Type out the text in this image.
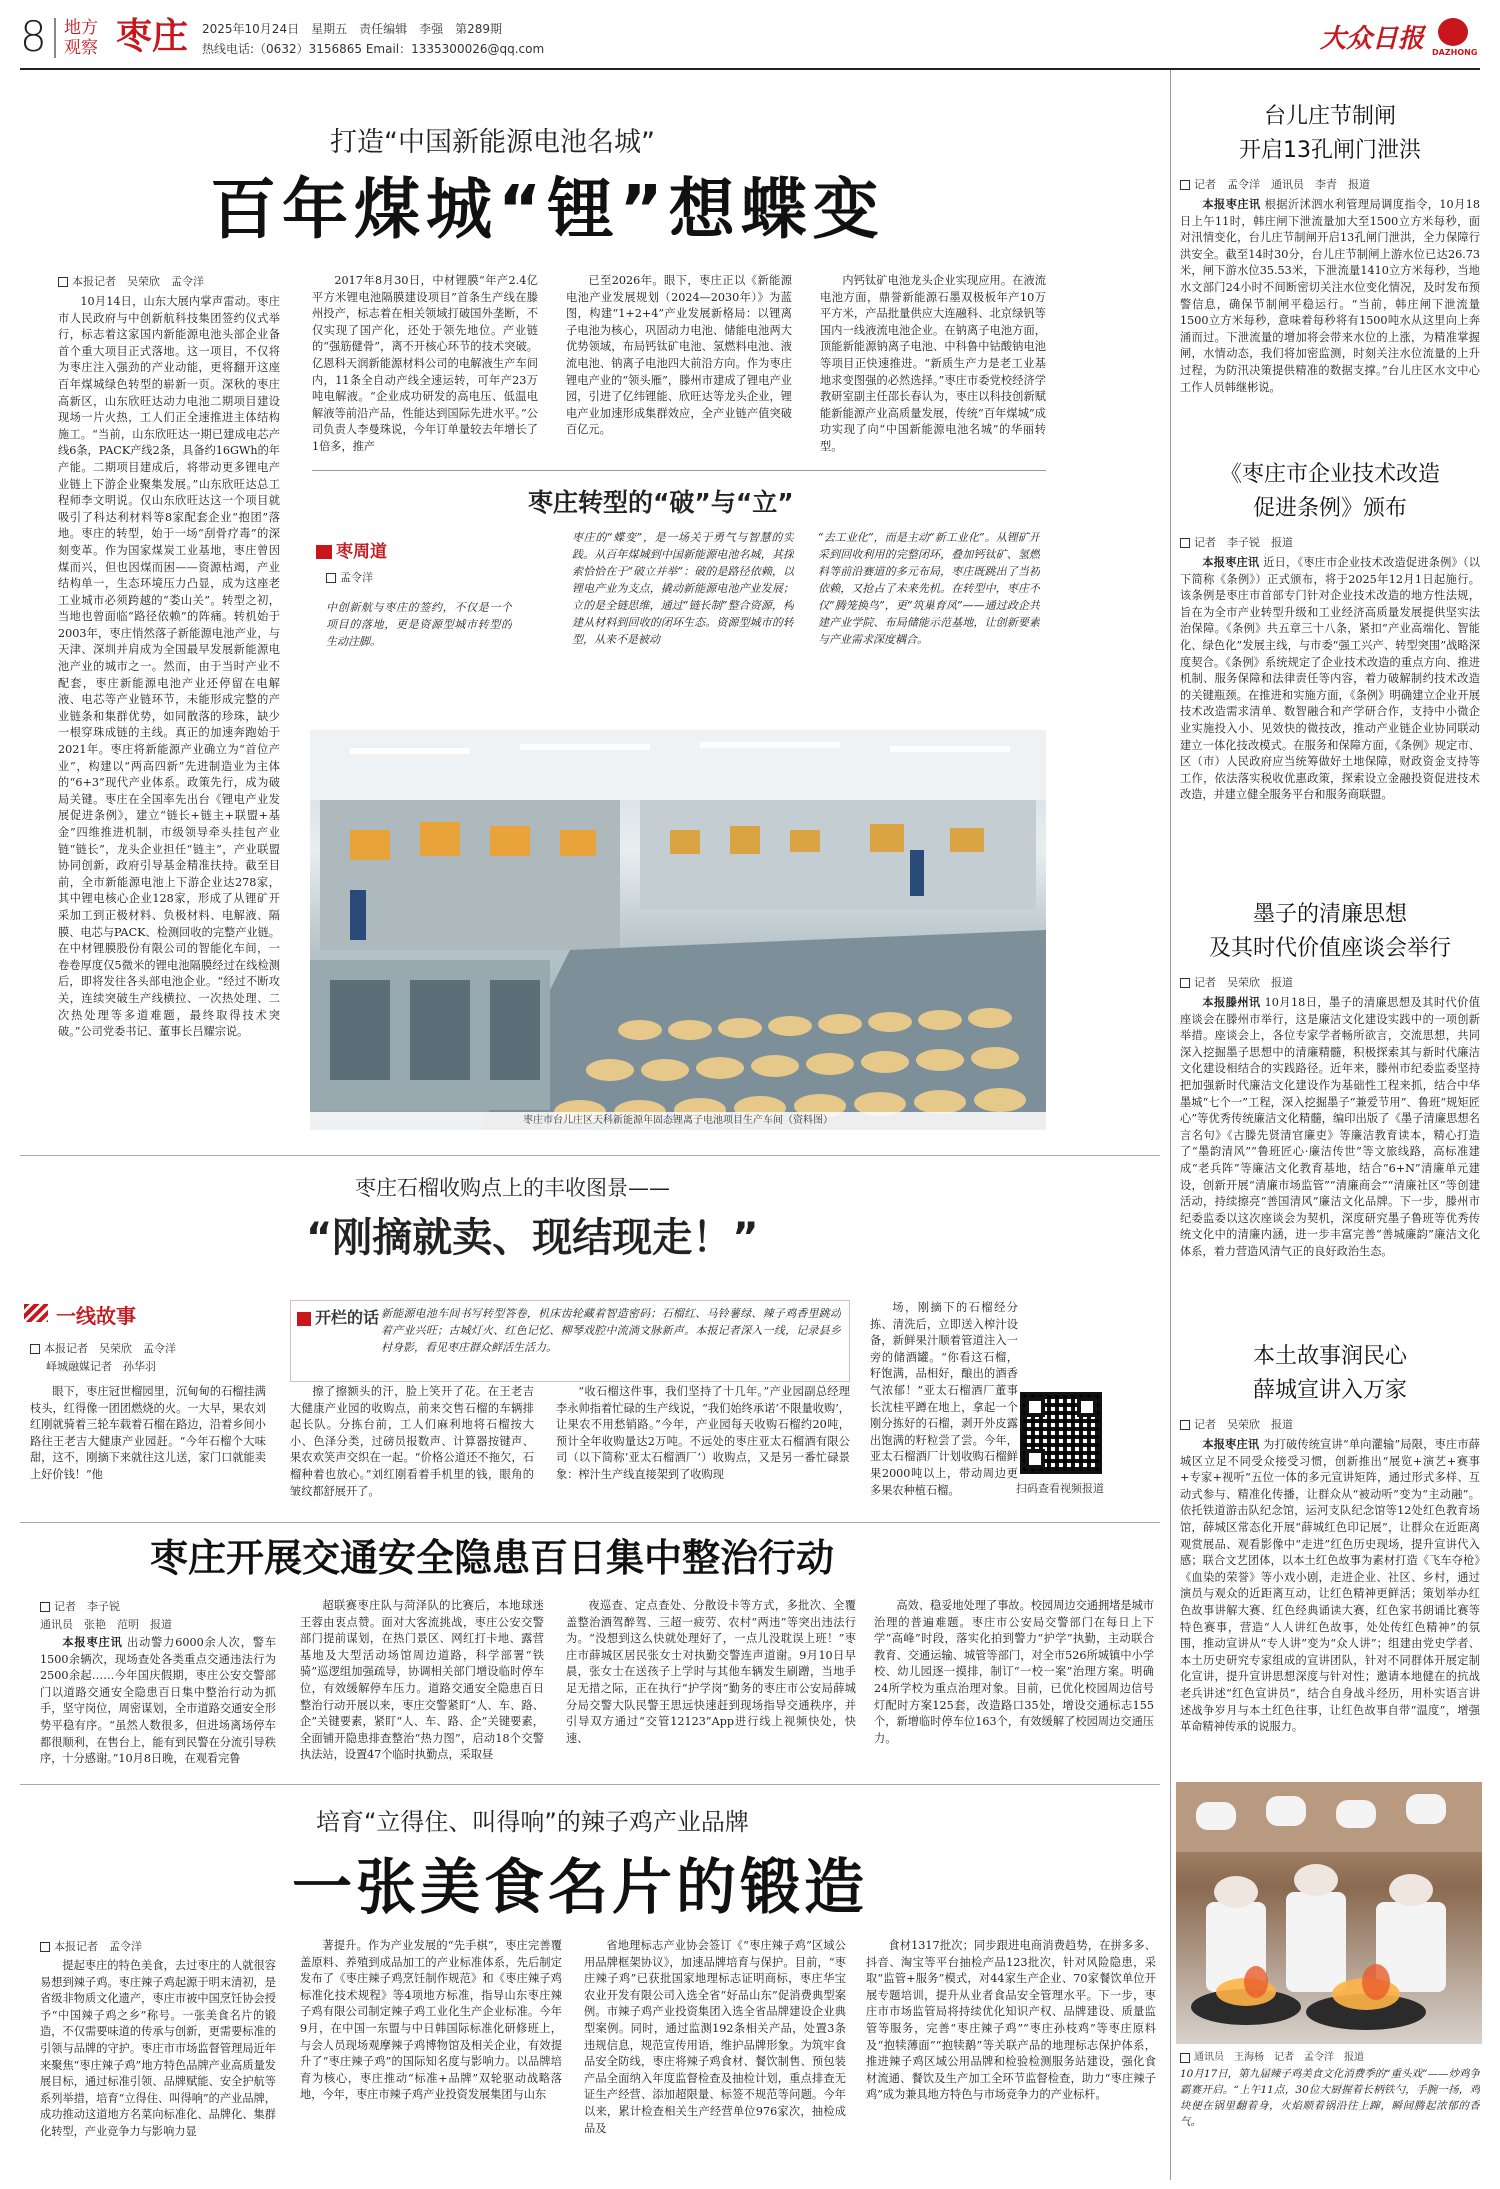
8 地方
观察 枣庄 2025年10月24日　星期五　责任编辑　李强　第289期
热线电话:（0632）3156865 Email：1335300026@qq.com	大众日报 DAZHONG
打造“中国新能源电池名城”
百年煤城“锂”想蝶变
本报记者　吴荣欣　孟令洋

10月14日，山东大展内掌声雷动。枣庄市人民政府与中创新航科技集团签约仪式举行，标志着这家国内新能源电池头部企业备首个重大项目正式落地。这一项目，不仅将为枣庄注入强劲的产业动能，更将翻开这座百年煤城绿色转型的崭新一页。深秋的枣庄高新区，山东欣旺达动力电池二期项目建设现场一片火热，工人们正全速推进主体结构施工。“当前，山东欣旺达一期已建成电芯产线6条，PACK产线2条，具备约16GWh的年产能。二期项目建成后，将带动更多锂电产业链上下游企业聚集发展。”山东欣旺达总工程师李文明说。仅山东欣旺达这一个项目就吸引了科达利材料等8家配套企业“抱团”落地。枣庄的转型，始于一场“刮骨疗毒”的深刻变革。作为国家煤炭工业基地，枣庄曾因煤而兴，但也因煤而困——资源枯竭，产业结构单一，生态环境压力凸显，成为这座老工业城市必须跨越的“娄山关”。转型之初，当地也曾面临“路径依赖”的阵痛。转机始于2003年，枣庄悄然落子新能源电池产业，与天津、深圳并肩成为全国最早发展新能源电池产业的城市之一。然而，由于当时产业不配套，枣庄新能源电池产业还停留在电解液、电芯等产业链环节，未能形成完整的产业链条和集群优势，如同散落的珍珠，缺少一根穿珠成链的主线。真正的加速奔跑始于2021年。枣庄将新能源产业确立为“首位产业”，构建以“两高四新”先进制造业为主体的“6+3”现代产业体系。政策先行，成为破局关键。枣庄在全国率先出台《锂电产业发展促进条例》，建立“链长+链主+联盟+基金”四维推进机制，市级领导牵头挂包产业链“链长”，龙头企业担任“链主”，产业联盟协同创新，政府引导基金精准扶持。截至目前，全市新能源电池上下游企业达278家，其中锂电核心企业128家，形成了从锂矿开采加工到正极材料、负极材料、电解液、隔膜、电芯与PACK、检测回收的完整产业链。在中材锂膜股份有限公司的智能化车间，一卷卷厚度仅5微米的锂电池隔膜经过在线检测后，即将发往各头部电池企业。“经过不断攻关，连续突破生产线横拉、一次热处理、二次热处理等多道难题，最终取得技术突破。”公司党委书记、董事长吕耀宗说。

2017年8月30日，中材锂膜“年产2.4亿平方米锂电池隔膜建设项目”首条生产线在滕州投产，标志着在相关领域打破国外垄断，不仅实现了国产化，还处于领先地位。产业链的“强筋健骨”，离不开核心环节的技术突破。亿恩科天润新能源材料公司的电解液生产车间内，11条全自动产线全速运转，可年产23万吨电解液。“企业成功研发的高电压、低温电解液等前沿产品，性能达到国际先进水平。”公司负责人李曼珠说，今年订单量较去年增长了1倍多，推产

已至2026年。眼下，枣庄正以《新能源电池产业发展规划（2024—2030年）》为蓝图，构建“1+2+4”产业发展新格局：以锂离子电池为核心，巩固动力电池、储能电池两大优势领域，布局钙钛矿电池、氢燃料电池、液流电池、钠离子电池四大前沿方向。作为枣庄锂电产业的“领头雁”，滕州市建成了锂电产业园，引进了亿纬锂能、欣旺达等龙头企业，锂电产业加速形成集群效应，全产业链产值突破百亿元。

内钙钛矿电池龙头企业实现应用。在液流电池方面，鼎誉新能源石墨双极板年产10万平方米，产品批量供应大连融科、北京绿钒等国内一线液流电池企业。在钠离子电池方面，顶能新能源钠离子电池、中科鲁中钴酸钠电池等项目正快速推进。“新质生产力是老工业基地求变图强的必然选择。”枣庄市委党校经济学教研室副主任邵长春认为，枣庄以科技创新赋能新能源产业高质量发展，传统“百年煤城”成功实现了向“中国新能源电池名城”的华丽转型。

枣庄转型的“破”与“立”
枣周道
孟令洋
中创新航与枣庄的签约，不仅是一个项目的落地，更是资源型城市转型的生动注脚。
枣庄的“蝶变”，是一场关于勇气与智慧的实践。从百年煤城到中国新能源电池名城，其探索恰恰在于“破立并举”：破的是路径依赖，以锂电产业为支点，撬动新能源电池产业发展；立的是全链思维，通过“链长制”整合资源，构建从材料到回收的闭环生态。资源型城市的转型，从来不是被动
“去工业化”，而是主动“新工业化”。从锂矿开采到回收利用的完整闭环，叠加钙钛矿、氢燃料等前沿赛道的多元布局，枣庄既跳出了当初依赖，又抢占了未来先机。在转型中，枣庄不仅“腾笼换鸟”，更“筑巢育凤”——通过政企共建产业学院、布局储能示范基地，让创新要素与产业需求深度耦合。
枣庄市台儿庄区天科新能源年固态锂离子电池项目生产车间（资料图）
枣庄石榴收购点上的丰收图景——
“刚摘就卖、现结现走！”
一线故事	开栏的话 新能源电池车间书写转型答卷，机床齿轮藏着智造密码；石榴红、马铃薯绿、辣子鸡香里跳动着产业兴旺；古城灯火、红色记忆、柳琴戏腔中流淌文脉新声。本报记者深入一线，记录县乡村身影，看见枣庄群众鲜活生活力。
本报记者　吴荣欣　孟令洋
峄城融媒记者　孙华羽

眼下，枣庄冠世榴园里，沉甸甸的石榴挂满枝头，红得像一团团燃烧的火。一大早，果农刘红刚就骑着三轮车载着石榴在路边，沿着乡间小路往王老吉大健康产业园赶。“今年石榴个大味甜，这不，刚摘下来就往这儿送，家门口就能卖上好价钱！”他

擦了擦额头的汗，脸上笑开了花。在王老吉大健康产业园的收购点，前来交售石榴的车辆排起长队。分拣台前，工人们麻利地将石榴按大小、色泽分类，过磅员报数声、计算器按键声、果农欢笑声交织在一起。“价格公道还不拖欠，石榴种着也放心。”刘红刚看着手机里的钱，眼角的皱纹都舒展开了。

“收石榴这件事，我们坚持了十几年。”产业园副总经理李永帅指着忙碌的生产线说，“我们始终承诺‘不限量收购’，让果农不用愁销路。”今年，产业园每天收购石榴约20吨，预计全年收购量达2万吨。不远处的枣庄亚太石榴酒有限公司（以下简称‘亚太石榴酒厂’）收购点，又是另一番忙碌景象：榨汁生产线直接架到了收购现

场，刚摘下的石榴经分拣、清洗后，立即送入榨汁设备，新鲜果汁顺着管道注入一旁的储酒罐。“你看这石榴，籽饱满，品相好，酿出的酒香气浓郁！”亚太石榴酒厂董事长沈桂平蹲在地上，拿起一个刚分拣好的石榴，剥开外皮露出饱满的籽粒尝了尝。今年，亚太石榴酒厂计划收购石榴鲜果2000吨以上，带动周边更多果农种植石榴。	扫码查看视频报道
枣庄开展交通安全隐患百日集中整治行动
记者　李子锐
通讯员　张艳　范明　报道

本报枣庄讯 出动警力6000余人次，警车1500余辆次，现场查处各类重点交通违法行为2500余起……今年国庆假期，枣庄公安交警部门以道路交通安全隐患百日集中整治行动为抓手，坚守岗位，周密谋划，全市道路交通安全形势平稳有序。“虽然人数很多，但进场离场停车都很顺利，在售台上，能有到民警在分流引导秩序，十分感谢。”10月8日晚，在观看完鲁

超联赛枣庄队与菏泽队的比赛后，本地球迷王蓉由衷点赞。面对大客流挑战，枣庄公安交警部门提前谋划，在热门景区、网红打卡地、露营基地及大型活动场馆周边道路，科学部署“铁骑”巡逻组加强疏导，协调相关部门增设临时停车位，有效缓解停车压力。道路交通安全隐患百日整治行动开展以来，枣庄交警紧盯“人、车、路、企”关键要素，紧盯“人、车、路、企”关键要素，全面铺开隐患排查整治“热力图”，启动18个交警执法站，设置47个临时执勤点，采取昼

夜巡查、定点查处、分散设卡等方式，多批次、全覆盖整治酒驾醉驾、三超一疲劳、农村“两违”等突出违法行为。“没想到这么快就处理好了，一点儿没耽误上班！”枣庄市薛城区居民张女士对执勤交警连声道谢。9月10日早晨，张女士在送孩子上学时与其他车辆发生刷蹭，当地手足无措之际，正在执行“护学岗”勤务的枣庄市公安局薛城分局交警大队民警王思远快速赶到现场指导交通秩序，并引导双方通过“交管12123”App进行线上视频快处，快速、

高效、稳妥地处理了事故。校园周边交通拥堵是城市治理的普遍难题。枣庄市公安局交警部门在每日上下学“高峰”时段，落实化拍到警力“护学”执勤，主动联合教育、交通运输、城管等部门，对全市526所城镇中小学校、幼儿园逐一摸排，制订“一校一案”治理方案。明确24所学校为重点治理对象。目前，已优化校园周边信号灯配时方案125套，改造路口35处，增设交通标志155个，新增临时停车位163个，有效缓解了校园周边交通压力。

培育“立得住、叫得响”的辣子鸡产业品牌
一张美食名片的锻造
本报记者　孟令洋

提起枣庄的特色美食，去过枣庄的人就很容易想到辣子鸡。枣庄辣子鸡起源于明末清初，是省级非物质文化遗产，枣庄市被中国烹饪协会授予“中国辣子鸡之乡”称号。一张美食名片的锻造，不仅需要味道的传承与创新，更需要标准的引领与品牌的守护。枣庄市市场监督管理局近年来聚焦“枣庄辣子鸡”地方特色品牌产业高质量发展目标，通过标准引领、品牌赋能、安全护航等系列举措，培育“立得住、叫得响”的产业品牌，成功推动这道地方名菜向标准化、品牌化、集群化转型，产业竞争力与影响力显

著提升。作为产业发展的“先手棋”，枣庄完善覆盖原料、养殖到成品加工的产业标准体系，先后制定发布了《枣庄辣子鸡烹饪制作规范》和《枣庄辣子鸡标准化技术规程》等4项地方标准，指导山东枣庄辣子鸡有限公司制定辣子鸡工业化生产企业标准。今年9月，在中国一东盟与中日韩国际标准化研修班上，与会人员现场观摩辣子鸡博物馆及相关企业，有效提升了“枣庄辣子鸡”的国际知名度与影响力。以品牌培育为核心，枣庄推动“标准+品牌”双轮驱动战略落地，今年，枣庄市辣子鸡产业投资发展集团与山东

省地理标志产业协会签订《“枣庄辣子鸡”区域公用品牌框架协议》，加速品牌培育与保护。目前，“枣庄辣子鸡”已获批国家地理标志证明商标，枣庄华宝农业开发有限公司入选全省“好品山东”促消费典型案例。市辣子鸡产业投资集团入选全省品牌建设企业典型案例。同时，通过监测192条相关产品，处置3条违规信息，规范宣传用语，维护品牌形象。为筑牢食品安全防线，枣庄将辣子鸡食材、餐饮制售、预包装产品全面纳入年度监督检查及抽检计划，重点排查无证生产经营、添加超限量、标签不规范等问题。今年以来，累计检查相关生产经营单位976家次，抽检成品及

食材1317批次；同步跟进电商消费趋势，在拼多多、抖音、淘宝等平台抽检产品123批次，针对风险隐患，采取“监管+服务”模式，对44家生产企业、70家餐饮单位开展专题培训，提升从业者食品安全管理水平。下一步，枣庄市市场监管局将持续优化知识产权、品牌建设、质量监管等服务，完善“枣庄辣子鸡”“枣庄孙枝鸡”等枣庄原料及“抱犊薄面”“抱犊鹅”等关联产品的地理标志保护体系，推进辣子鸡区域公用品牌和检验检测服务站建设，强化食材流通、餐饮及生产加工全环节监督检查，助力“枣庄辣子鸡”成为兼具地方特色与市场竞争力的产业标杆。

台儿庄节制闸
开启13孔闸门泄洪
记者　孟令洋　通讯员　李青　报道

本报枣庄讯 根据沂沭泗水利管理局调度指令，10月18日上午11时，韩庄闸下泄流量加大至1500立方米每秒，面对汛情变化，台儿庄节制闸开启13孔闸门泄洪，全力保障行洪安全。截至14时30分，台儿庄节制闸上游水位已达26.73米，闸下游水位35.53米，下泄流量1410立方米每秒，当地水文部门24小时不间断密切关注水位变化情况，及时发布预警信息，确保节制闸平稳运行。“当前，韩庄闸下泄流量1500立方米每秒，意味着每秒将有1500吨水从这里向上奔涌而过。下泄流量的增加将会带来水位的上涨，为精准掌握闸，水情动态，我们将加密监测，时刻关注水位流量的上升过程，为防汛决策提供精准的数据支撑。”台儿庄区水文中心工作人员韩继彬说。

《枣庄市企业技术改造
促进条例》颁布
记者　李子锐　报道

本报枣庄讯 近日，《枣庄市企业技术改造促进条例》（以下简称《条例》）正式颁布，将于2025年12月1日起施行。该条例是枣庄市首部专门针对企业技术改造的地方性法规，旨在为全市产业转型升级和工业经济高质量发展提供坚实法治保障。《条例》共五章三十八条，紧扣“产业高端化、智能化、绿色化”发展主线，与市委“强工兴产、转型突围”战略深度契合。《条例》系统规定了企业技术改造的重点方向、推进机制、服务保障和法律责任等内容，着力破解制约技术改造的关键瓶颈。在推进和实施方面，《条例》明确建立企业开展技术改造需求清单、数智融合和产学研合作，支持中小微企业实施投入小、见效快的微技改，推动产业链企业协同联动建立一体化技改模式。在服务和保障方面，《条例》规定市、区（市）人民政府应当统筹做好土地保障，财政资金支持等工作，依法落实税收优惠政策，探索设立金融投资促进技术改造，并建立健全服务平台和服务商联盟。

墨子的清廉思想
及其时代价值座谈会举行
记者　吴荣欣　报道

本报滕州讯 10月18日，墨子的清廉思想及其时代价值座谈会在滕州市举行，这是廉洁文化建设实践中的一项创新举措。座谈会上，各位专家学者畅所欲言，交流思想，共同深入挖掘墨子思想中的清廉精髓，积极探索其与新时代廉洁文化建设相结合的实践路径。近年来，滕州市纪委监委坚持把加强新时代廉洁文化建设作为基础性工程来抓，结合中华墨城“七个一”工程，深入挖掘墨子“兼爱节用”、鲁班“规矩匠心”等优秀传统廉洁文化精髓，编印出版了《墨子清廉思想名言名句》《古滕先贤清官廉吏》等廉洁教育读本，精心打造了“墨韵清风”“鲁班匠心·廉洁传世”等文旅线路，高标准建成“老兵阵”等廉洁文化教育基地，结合“6+N”清廉单元建设，创新开展“清廉市场监管”“清廉商会”“清廉社区”等创建活动，持续擦亮“善国清风”廉洁文化品牌。下一步，滕州市纪委监委以这次座谈会为契机，深度研究墨子鲁班等优秀传统文化中的清廉内涵，进一步丰富完善“善城廉韵”廉洁文化体系，着力营造风清气正的良好政治生态。

本土故事润民心
薛城宣讲入万家
记者　吴荣欣　报道

本报枣庄讯 为打破传统宣讲“单向灌输”局限，枣庄市薛城区立足不同受众接受习惯，创新推出“展览+演艺+赛事+专家+视听”五位一体的多元宣讲矩阵，通过形式多样、互动式参与、精准化传播，让群众从“被动听”变为“主动融”。依托铁道游击队纪念馆，运河支队纪念馆等12处红色教育场馆，薛城区常态化开展“薛城红色印记展”，让群众在近距离观赏展品、观看影像中“走进”红色历史现场，提升宣讲代入感；联合文艺团体，以本土红色故事为素材打造《飞车夺枪》《血染的荣誉》等小戏小剧，走进企业、社区、乡村，通过演员与观众的近距离互动，让红色精神更鲜活；策划举办红色故事讲解大赛、红色经典诵读大赛，红色家书朗诵比赛等特色赛事，营造“人人讲红色故事，处处传红色精神”的氛围，推动宣讲从“专人讲”变为“众人讲”；组建由党史学者、本土历史研究专家组成的宣讲团队，针对不同群体开展定制化宣讲，提升宣讲思想深度与针对性；邀请本地健在的抗战老兵讲述“红色宣讲员”，结合自身战斗经历，用朴实语言讲述战争岁月与本土红色往事，让红色故事自带“温度”，增强革命精神传承的说服力。

通讯员　王海杨　记者　孟令洋　报道
10月17日，第九届辣子鸡美食文化消费季的“重头戏”——炒鸡争霸赛开启。“上午11点，30位大厨握着长柄铁勺，手腕一扬，鸡块便在锅里翻着身，火焰顺着锅沿往上蹿，瞬间腾起浓郁的香气。
